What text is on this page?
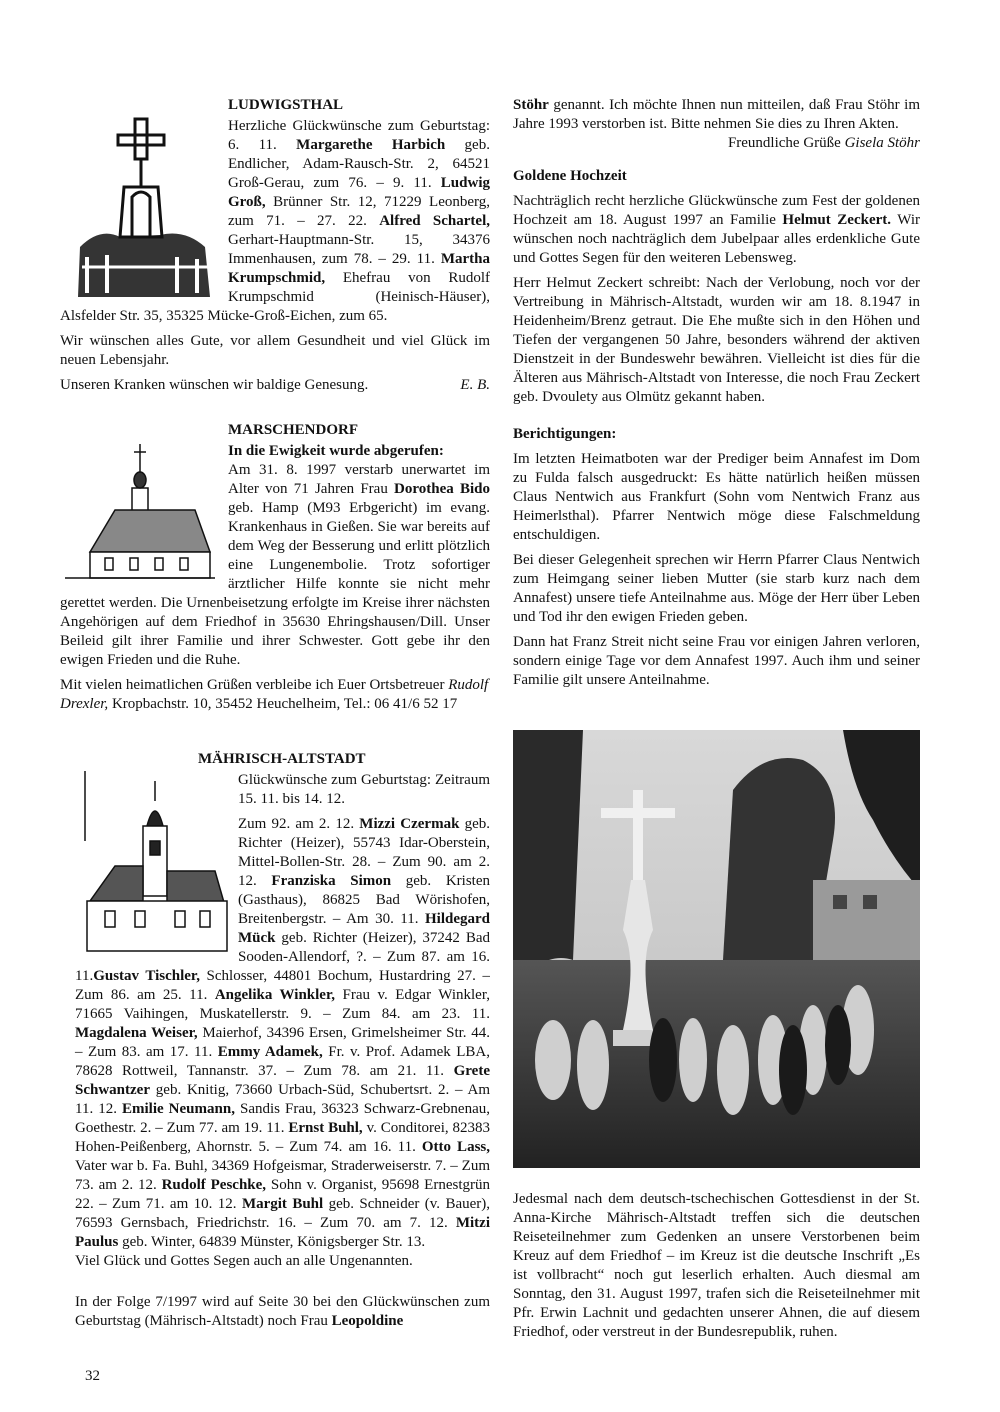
LUDWIGSTHAL

Herzliche Glückwünsche zum Geburtstag: 6. 11. Margarethe Harbich geb. Endlicher, Adam-Rausch-Str. 2, 64521 Groß-Gerau, zum 76. – 9. 11. Ludwig Groß, Brünner Str. 12, 71229 Leonberg, zum 71. – 27. 22. Alfred Schartel, Gerhart-Hauptmann-Str. 15, 34376 Immenhausen, zum 78. – 29. 11. Martha Krumpschmid, Ehefrau von Rudolf Krumpschmid (Heinisch-Häuser), Alsfelder Str. 35, 35325 Mücke-Groß-Eichen, zum 65.

Wir wünschen alles Gute, vor allem Gesundheit und viel Glück im neuen Lebensjahr.

Unseren Kranken wünschen wir baldige Genesung.	E. B.
MARSCHENDORF
In die Ewigkeit wurde abgerufen:

Am 31. 8. 1997 verstarb unerwartet im Alter von 71 Jahren Frau Dorothea Bido geb. Hamp (M93 Erbgericht) im evang. Krankenhaus in Gießen. Sie war bereits auf dem Weg der Besserung und erlitt plötzlich eine Lungenembolie. Trotz sofortiger ärztlicher Hilfe konnte sie nicht mehr gerettet werden. Die Urnenbeisetzung erfolgte im Kreise ihrer nächsten Angehörigen auf dem Friedhof in 35630 Ehringshausen/Dill. Unser Beileid gilt ihrer Familie und ihrer Schwester. Gott gebe ihr den ewigen Frieden und die Ruhe.

Mit vielen heimatlichen Grüßen verbleibe ich Euer Ortsbetreuer Rudolf Drexler, Kropbachstr. 10, 35452 Heuchelheim, Tel.: 06 41/6 52 17

MÄHRISCH-ALTSTADT

Glückwünsche zum Geburtstag: Zeitraum 15. 11. bis 14. 12.

Zum 92. am 2. 12. Mizzi Czermak geb. Richter (Heizer), 55743 Idar-Oberstein, Mittel-Bollen-Str. 28. – Zum 90. am 2. 12. Franziska Simon geb. Kristen (Gasthaus), 86825 Bad Wörishofen, Breitenbergstr. – Am 30. 11. Hildegard Mück geb. Richter (Heizer), 37242 Bad Sooden-Allendorf, ?. – Zum 87. am 16. 11.Gustav Tischler, Schlosser, 44801 Bochum, Hustardring 27. – Zum 86. am 25. 11. Angelika Winkler, Frau v. Edgar Winkler, 71665 Vaihingen, Muskatellerstr. 9. – Zum 84. am 23. 11. Magdalena Weiser, Maierhof, 34396 Ersen, Grimelsheimer Str. 44. – Zum 83. am 17. 11. Emmy Adamek, Fr. v. Prof. Adamek LBA, 78628 Rottweil, Tannanstr. 37. – Zum 78. am 21. 11. Grete Schwantzer geb. Knitig, 73660 Urbach-Süd, Schubertsrt. 2. – Am 11. 12. Emilie Neumann, Sandis Frau, 36323 Schwarz-Grebnenau, Goethestr. 2. – Zum 77. am 19. 11. Ernst Buhl, v. Conditorei, 82383 Hohen-Peißenberg, Ahornstr. 5. – Zum 74. am 16. 11. Otto Lass, Vater war b. Fa. Buhl, 34369 Hofgeismar, Straderweiserstr. 7. – Zum 73. am 2. 12. Rudolf Peschke, Sohn v. Organist, 95698 Ernestgrün 22. – Zum 71. am 10. 12. Margit Buhl geb. Schneider (v. Bauer), 76593 Gernsbach, Friedrichstr. 16. – Zum 70. am 7. 12. Mitzi Paulus geb. Winter, 64839 Münster, Königsberger Str. 13.

Viel Glück und Gottes Segen auch an alle Ungenannten.

In der Folge 7/1997 wird auf Seite 30 bei den Glückwünschen zum Geburtstag (Mährisch-Altstadt) noch Frau Leopoldine

32

Stöhr genannt. Ich möchte Ihnen nun mitteilen, daß Frau Stöhr im Jahre 1993 verstorben ist. Bitte nehmen Sie dies zu Ihren Akten.

Freundliche Grüße Gisela Stöhr
Goldene Hochzeit

Nachträglich recht herzliche Glückwünsche zum Fest der goldenen Hochzeit am 18. August 1997 an Familie Helmut Zeckert. Wir wünschen noch nachträglich dem Jubelpaar alles erdenkliche Gute und Gottes Segen für den weiteren Lebensweg.

Herr Helmut Zeckert schreibt: Nach der Verlobung, noch vor der Vertreibung in Mährisch-Altstadt, wurden wir am 18. 8.1947 in Heidenheim/Brenz getraut. Die Ehe mußte sich in den Höhen und Tiefen der vergangenen 50 Jahre, besonders während der aktiven Dienstzeit in der Bundeswehr bewähren. Vielleicht ist dies für die Älteren aus Mährisch-Altstadt von Interesse, die noch Frau Zeckert geb. Dvoulety aus Olmütz gekannt haben.

Berichtigungen:

Im letzten Heimatboten war der Prediger beim Annafest im Dom zu Fulda falsch ausgedruckt: Es hätte natürlich heißen müssen Claus Nentwich aus Frankfurt (Sohn vom Nentwich Franz aus Heimerlsthal). Pfarrer Nentwich möge diese Falschmeldung entschuldigen.

Bei dieser Gelegenheit sprechen wir Herrn Pfarrer Claus Nentwich zum Heimgang seiner lieben Mutter (sie starb kurz nach dem Annafest) unsere tiefe Anteilnahme aus. Möge der Herr über Leben und Tod ihr den ewigen Frieden geben.

Dann hat Franz Streit nicht seine Frau vor einigen Jahren verloren, sondern einige Tage vor dem Annafest 1997. Auch ihm und seiner Familie gilt unsere Anteilnahme.

Jedesmal nach dem deutsch-tschechischen Gottesdienst in der St. Anna-Kirche Mährisch-Altstadt treffen sich die deutschen Reiseteilnehmer zum Gedenken an unsere Verstorbenen beim Kreuz auf dem Friedhof – im Kreuz ist die deutsche Inschrift „Es ist vollbracht“ noch gut leserlich erhalten. Auch diesmal am Sonntag, den 31. August 1997, trafen sich die Reiseteilnehmer mit Pfr. Erwin Lachnit und gedachten unserer Ahnen, die auf diesem Friedhof, oder verstreut in der Bundesrepublik, ruhen.
